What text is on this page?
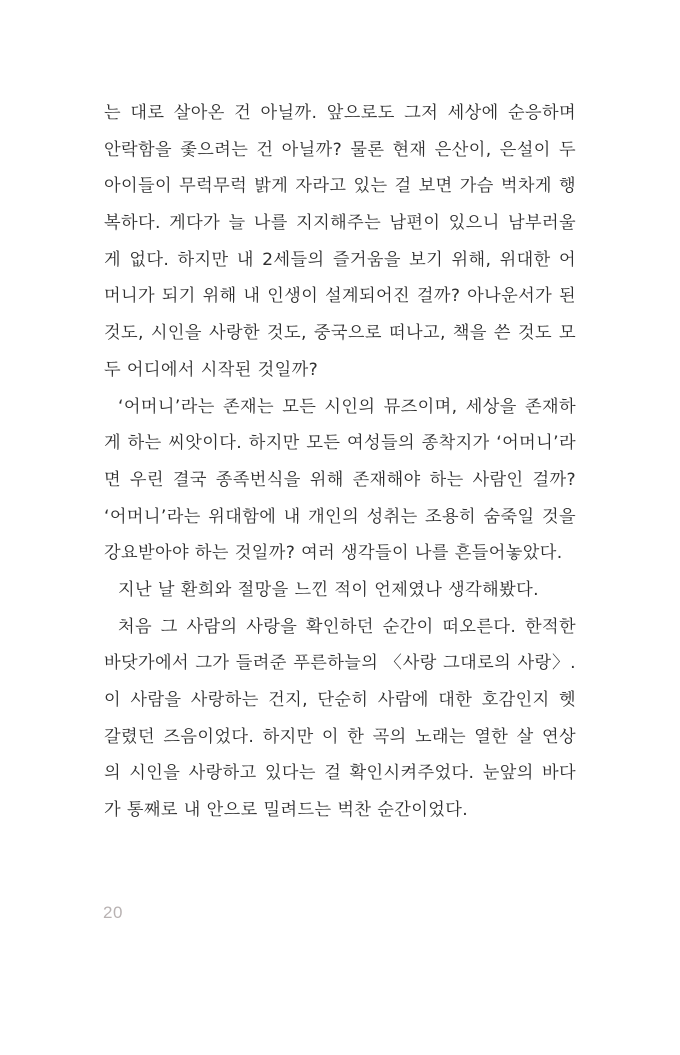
는 대로 살아온 건 아닐까. 앞으로도 그저 세상에 순응하며
안락함을 좇으려는 건 아닐까? 물론 현재 은산이, 은설이 두
아이들이 무럭무럭 밝게 자라고 있는 걸 보면 가슴 벅차게 행
복하다. 게다가 늘 나를 지지해주는 남편이 있으니 남부러울
게 없다. 하지만 내 2세들의 즐거움을 보기 위해, 위대한 어
머니가 되기 위해 내 인생이 설계되어진 걸까? 아나운서가 된
것도, 시인을 사랑한 것도, 중국으로 떠나고, 책을 쓴 것도 모
두 어디에서 시작된 것일까?
‘어머니’라는 존재는 모든 시인의 뮤즈이며, 세상을 존재하
게 하는 씨앗이다. 하지만 모든 여성들의 종착지가 ‘어머니’라
면 우린 결국 종족번식을 위해 존재해야 하는 사람인 걸까?
‘어머니’라는 위대함에 내 개인의 성취는 조용히 숨죽일 것을
강요받아야 하는 것일까? 여러 생각들이 나를 흔들어놓았다.
지난 날 환희와 절망을 느낀 적이 언제였나 생각해봤다.
처음 그 사람의 사랑을 확인하던 순간이 떠오른다. 한적한
바닷가에서 그가 들려준 푸른하늘의 〈사랑 그대로의 사랑〉.
이 사람을 사랑하는 건지, 단순히 사람에 대한 호감인지 헷
갈렸던 즈음이었다. 하지만 이 한 곡의 노래는 열한 살 연상
의 시인을 사랑하고 있다는 걸 확인시켜주었다. 눈앞의 바다
가 통째로 내 안으로 밀려드는 벅찬 순간이었다.
20
